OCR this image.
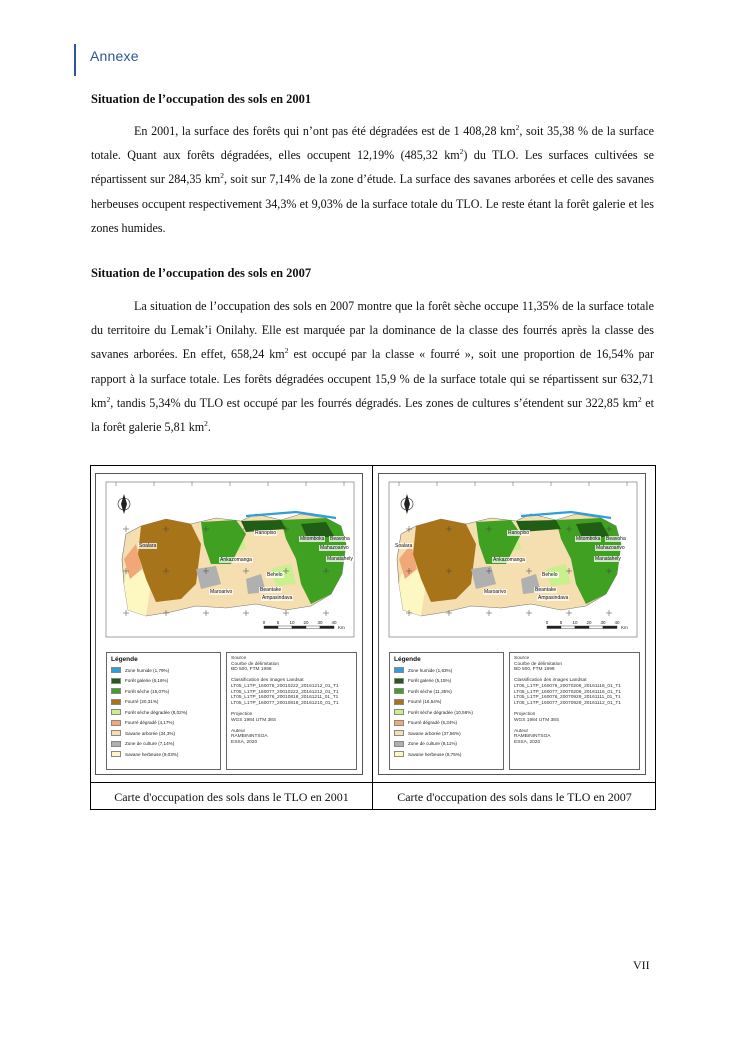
Annexe
Situation de l’occupation des sols en 2001
En 2001, la surface des forêts qui n’ont pas été dégradées est de 1 408,28 $km^2$, soit 35,38 % de la surface totale. Quant aux forêts dégradées, elles occupent 12,19% (485,32 $km^2$) du TLO. Les surfaces cultivées se répartissent sur 284,35 $km^2$, soit sur 7,14% de la zone d’étude. La surface des savanes arborées et celle des savanes herbeuses occupent respectivement 34,3% et 9,03% de la surface totale du TLO. Le reste étant la forêt galerie et les zones humides.
Situation de l’occupation des sols en 2007
La situation de l’occupation des sols en 2007 montre que la forêt sèche occupe 11,35% de la surface totale du territoire du Lemak’i Onilahy. Elle est marquée par la dominance de la classe des fourrés après la classe des savanes arborées. En effet, 658,24 $km^2$ est occupé par la classe « fourré », soit une proportion de 16,54% par rapport à la surface totale. Les forêts dégradées occupent 15,9 % de la surface totale qui se répartissent sur 632,71 $km^2$, tandis 5,34% du TLO est occupé par les fourrés dégradés. Les zones de cultures s’étendent sur 322,85 $km^2$ et la forêt galerie 5,81 $km^2$.
0	5 10 20 30 40
Km
Soalara
Ranopiso
Mitomboka Beavoha
Mahazoarivo
Ankazomanga	Manatahely
Behelo
Beantake
Maroarivo
Ampasindava
Légende
Zone humide (1,79%)
Forêt galerie (6,16%)
Forêt sèche (15,07%)
Fourré (20,31%)
Forêt sèche dégradée (8,02%)
Fourré dégradé (4,17%)
Savane arborée (34,3%)
Zone de culture (7,14%)
Savane herbeuse (9,03%)
Source
Courbe de délimitation
BD 500, FTM 1998

Classification des images Landsat
LT05_L1TP_160076_20010222_20161212_01_T1
LT05_L1TP_160077_20010222_20161212_01_T1
LT05_L1TP_160076_20010818_20161211_01_T1
LT05_L1TP_160077_20010818_20161210_01_T1

Projection
WGS 1984 UTM 38S

Auteur
RAMBININTSOA
ESSA, 2020
0	5 10 20 30 40
Km
Soalara
Ranopiso
Mitomboka Beavoha
Mahazoarivo
Ankazomanga	Manatahely
Behelo
Beantake
Maroarivo
Ampasindava
Légende
Zone humide (1,63%)
Forêt galerie (5,15%)
Forêt sèche (11,35%)
Fourré (16,54%)
Forêt sèche dégradée (10,56%)
Fourré dégradé (5,34%)
Savane arborée (37,56%)
Zone de culture (8,11%)
Savane herbeuse (8,75%)
Source
Courbe de délimitation
BD 500, FTM 1998

Classification des images Landsat
LT05_L1TP_160076_20070208_20161116_01_T1
LT05_L1TP_160077_20070208_20161116_01_T1
LT05_L1TP_160076_20070929_20161111_01_T1
LT05_L1TP_160077_20070929_20161112_01_T1

Projection
WGS 1984 UTM 38S

Auteur
RAMBININTSOA
ESSA, 2020
Carte d'occupation des sols dans le TLO en 2001	Carte d'occupation des sols dans le TLO en 2007
VII
